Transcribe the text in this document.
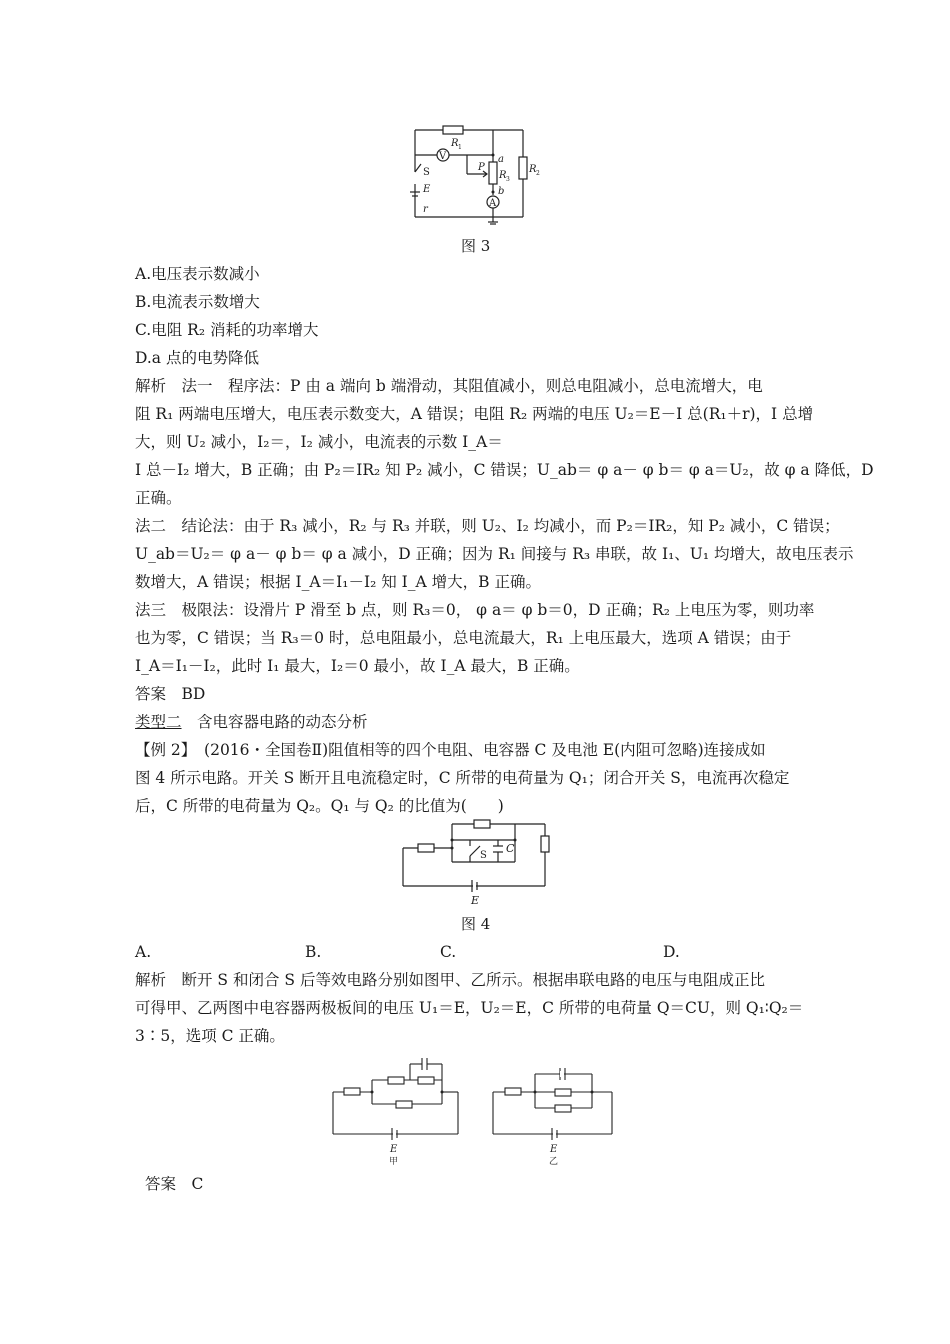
R 1
R 2
R 3
V
A
P
a
b
S
E
r
图 3
A.电压表示数减小
B.电流表示数增大
C.电阻 R₂ 消耗的功率增大
D.a 点的电势降低
解析　法一　程序法：P 由 a 端向 b 端滑动，其阻值减小，则总电阻减小，总电流增大，电
阻 R₁ 两端电压增大，电压表示数变大，A 错误；电阻 R₂ 两端的电压 U₂＝E－I 总(R₁＋r)，I 总增
大，则 U₂ 减小，I₂＝，I₂ 减小，电流表的示数 I_A＝
I 总－I₂ 增大，B 正确；由 P₂＝IR₂ 知 P₂ 减小，C 错误；U_ab＝ φ a－ φ b＝ φ a＝U₂，故 φ a 降低，D
正确。
法二　结论法：由于 R₃ 减小，R₂ 与 R₃ 并联，则 U₂、I₂ 均减小，而 P₂＝IR₂，知 P₂ 减小，C 错误；
U_ab＝U₂＝ φ a－ φ b＝ φ a 减小，D 正确；因为 R₁ 间接与 R₃ 串联，故 I₁、U₁ 均增大，故电压表示
数增大，A 错误；根据 I_A＝I₁－I₂ 知 I_A 增大，B 正确。
法三　极限法：设滑片 P 滑至 b 点，则 R₃＝0， φ a＝ φ b＝0，D 正确；R₂ 上电压为零，则功率
也为零，C 错误；当 R₃＝0 时，总电阻最小，总电流最大，R₁ 上电压最大，选项 A 错误；由于
I_A＝I₁－I₂，此时 I₁ 最大，I₂＝0 最小，故 I_A 最大，B 正确。
答案　BD
类型二　含电容器电路的动态分析
【例 2】　(2016・全国卷Ⅱ)阻值相等的四个电阻、电容器 C 及电池 E(内阻可忽略)连接成如
图 4 所示电路。开关 S 断开且电流稳定时，C 所带的电荷量为 Q₁；闭合开关 S，电流再次稳定
后，C 所带的电荷量为 Q₂。Q₁ 与 Q₂ 的比值为(　　)
S
C
E
图 4
A.	B.	C.	D.
解析　断开 S 和闭合 S 后等效电路分别如图甲、乙所示。根据串联电路的电压与电阻成正比
可得甲、乙两图中电容器两极板间的电压 U₁＝E，U₂＝E，C 所带的电荷量 Q＝CU，则 Q₁∶Q₂＝
3∶5，选项 C 正确。
E	E
甲	乙
答案　C
